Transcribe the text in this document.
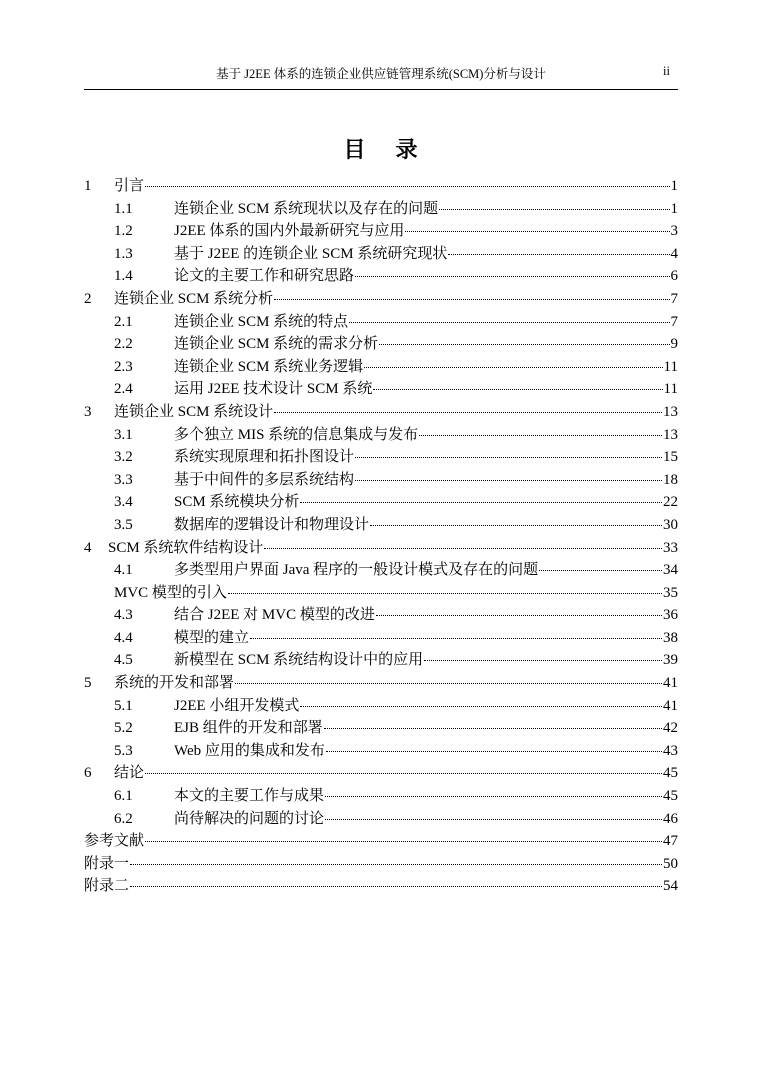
基于 J2EE 体系的连锁企业供应链管理系统(SCM)分析与设计	ii
目 录
1	引言	1
1.1	连锁企业 SCM 系统现状以及存在的问题	1
1.2	J2EE 体系的国内外最新研究与应用	3
1.3	基于 J2EE 的连锁企业 SCM 系统研究现状	4
1.4	论文的主要工作和研究思路	6
2	连锁企业 SCM 系统分析	7
2.1	连锁企业 SCM 系统的特点	7
2.2	连锁企业 SCM 系统的需求分析	9
2.3	连锁企业 SCM 系统业务逻辑	11
2.4	运用 J2EE 技术设计 SCM 系统	11
3	连锁企业 SCM 系统设计	13
3.1	多个独立 MIS 系统的信息集成与发布	13
3.2	系统实现原理和拓扑图设计	15
3.3	基于中间件的多层系统结构	18
3.4	SCM 系统模块分析	22
3.5	数据库的逻辑设计和物理设计	30
4	SCM 系统软件结构设计	33
4.1	多类型用户界面 Java 程序的一般设计模式及存在的问题	34
MVC 模型的引入	35
4.3	结合 J2EE 对 MVC 模型的改进	36
4.4	模型的建立	38
4.5	新模型在 SCM 系统结构设计中的应用	39
5	系统的开发和部署	41
5.1	J2EE 小组开发模式	41
5.2	EJB 组件的开发和部署	42
5.3	Web 应用的集成和发布	43
6	结论	45
6.1	本文的主要工作与成果	45
6.2	尚待解决的问题的讨论	46
参考文献	47
附录一	50
附录二	54
